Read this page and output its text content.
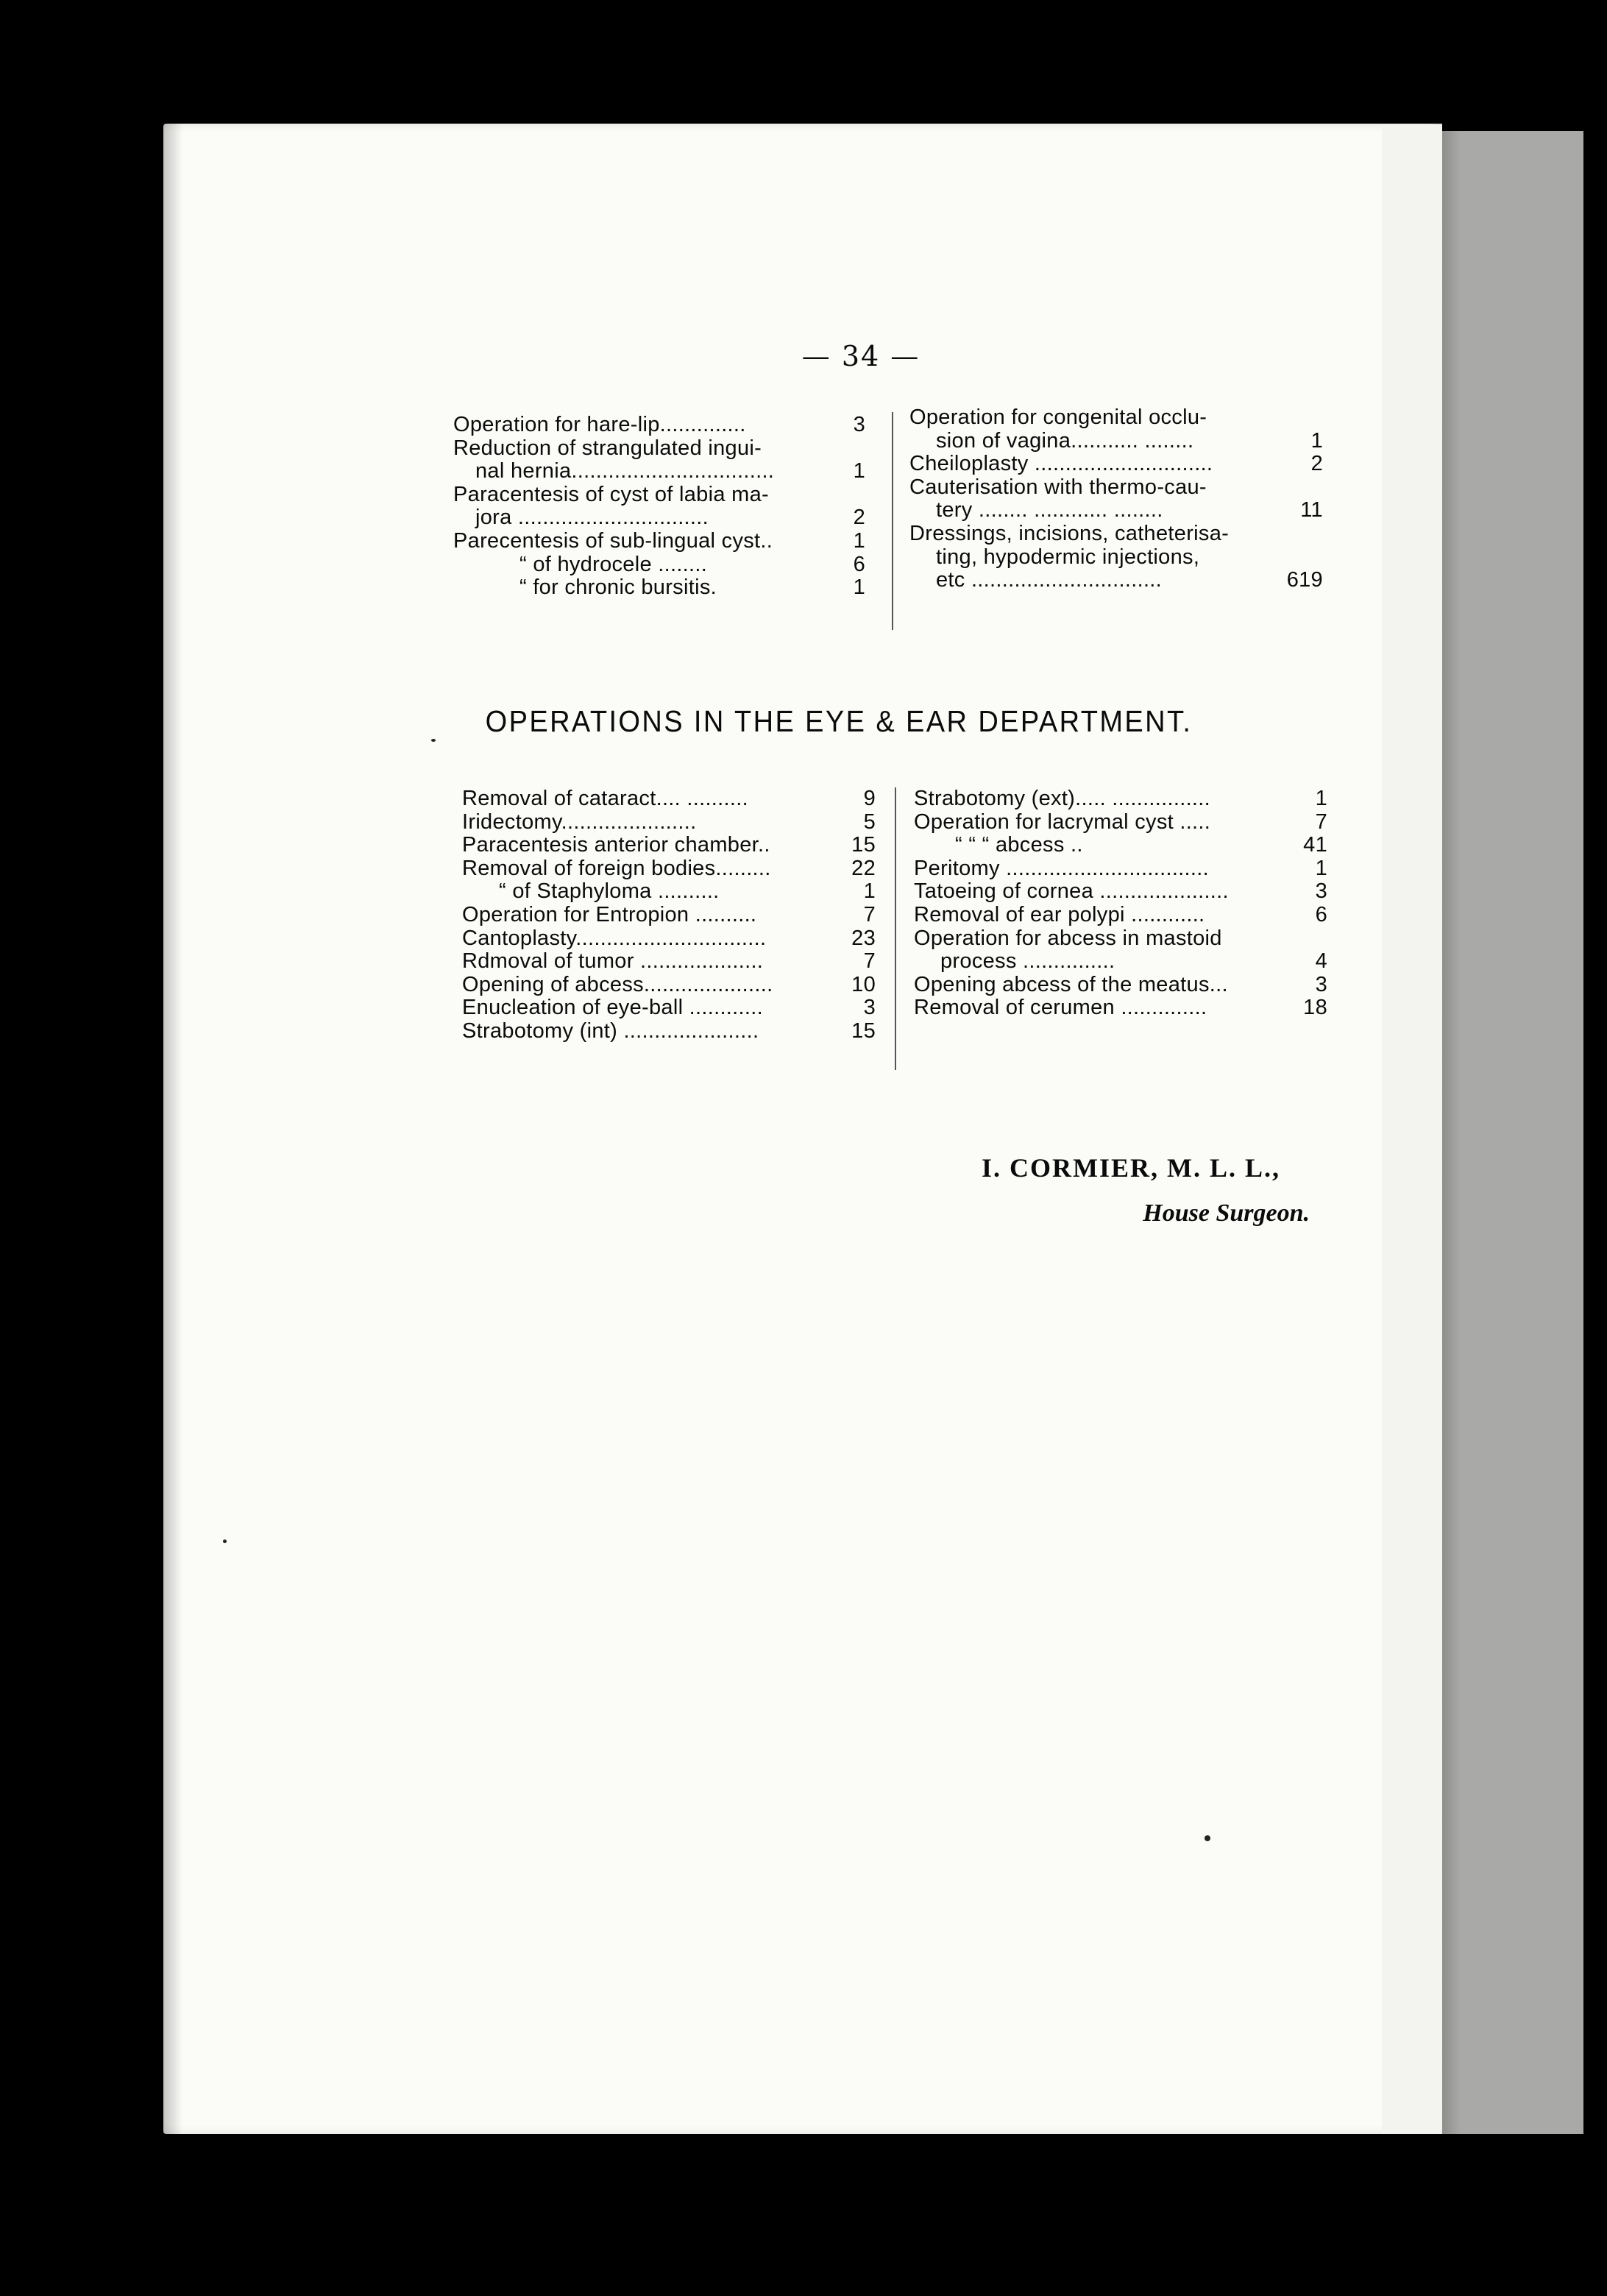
— 34 —
Operation for hare-lip..............	3
Reduction of strangulated ingui-
nal hernia.................................	1
Paracentesis of cyst of labia ma-
jora ...............................	2
Parecentesis of sub-lingual cyst..	1
“ of hydrocele ........	6
“ for chronic bursitis.	1
Operation for congenital occlu-
sion of vagina........... ........	1
Cheiloplasty .............................	2
Cauterisation with thermo-cau-
tery ........ ............ ........	11
Dressings, incisions, catheterisa-
ting, hypodermic injections,
etc ...............................	619
OPERATIONS IN THE EYE & EAR DEPARTMENT.
Removal of cataract.... ..........	9
Iridectomy......................	5
Paracentesis anterior chamber..	15
Removal of foreign bodies.........	22
“ of Staphyloma ..........	1
Operation for Entropion ..........	7
Cantoplasty...............................	23
Rdmoval of tumor ....................	7
Opening of abcess.....................	10
Enucleation of eye-ball ............	3
Strabotomy (int) ......................	15
Strabotomy (ext)..... ................	1
Operation for lacrymal cyst .....	7
“ “ “ abcess ..	41
Peritomy .................................	1
Tatoeing of cornea .....................	3
Removal of ear polypi ............	6
Operation for abcess in mastoid
process ...............	4
Opening abcess of the meatus...	3
Removal of cerumen ..............	18
I. CORMIER, M. L. L.,
House Surgeon.
